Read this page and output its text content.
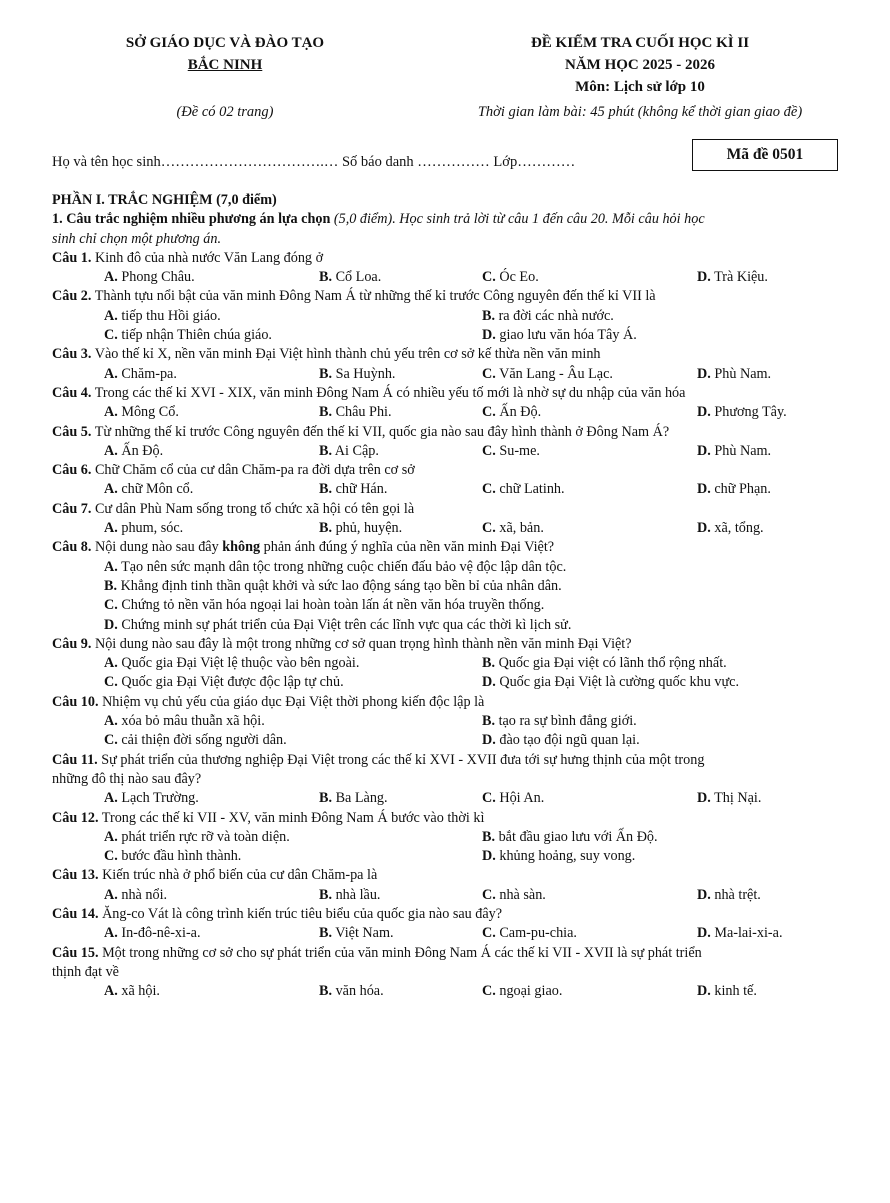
SỞ GIÁO DỤC VÀ ĐÀO TẠO
BẮC NINH
(Đề có 02 trang)
ĐỀ KIỂM TRA CUỐI HỌC KÌ II
NĂM HỌC 2025 - 2026
Môn: Lịch sử lớp 10
Thời gian làm bài: 45 phút (không kể thời gian giao đề)
Mã đề 0501
Họ và tên học sinh…………………………….… Số báo danh …………… Lớp…………
PHẦN I. TRẮC NGHIỆM (7,0 điểm)
1. Câu trắc nghiệm nhiều phương án lựa chọn (5,0 điểm). Học sinh trả lời từ câu 1 đến câu 20. Mỗi câu hỏi học
sinh chỉ chọn một phương án.
Câu 1. Kinh đô của nhà nước Văn Lang đóng ở
A. Phong Châu.	B. Cổ Loa.	C. Óc Eo.	D. Trà Kiệu.
Câu 2. Thành tựu nổi bật của văn minh Đông Nam Á từ những thế kỉ trước Công nguyên đến thế kỉ VII là
A. tiếp thu Hồi giáo.	B. ra đời các nhà nước.
C. tiếp nhận Thiên chúa giáo.	D. giao lưu văn hóa Tây Á.
Câu 3. Vào thế kỉ X, nền văn minh Đại Việt hình thành chủ yếu trên cơ sở kế thừa nền văn minh
A. Chăm-pa.	B. Sa Huỳnh.	C. Văn Lang - Âu Lạc.	D. Phù Nam.
Câu 4. Trong các thế kỉ XVI - XIX, văn minh Đông Nam Á có nhiều yếu tố mới là nhờ sự du nhập của văn hóa
A. Mông Cổ.	B. Châu Phi.	C. Ấn Độ.	D. Phương Tây.
Câu 5. Từ những thế kỉ trước Công nguyên đến thế kỉ VII, quốc gia nào sau đây hình thành ở Đông Nam Á?
A. Ấn Độ.	B. Ai Cập.	C. Su-me.	D. Phù Nam.
Câu 6. Chữ Chăm cổ của cư dân Chăm-pa ra đời dựa trên cơ sở
A. chữ Môn cổ.	B. chữ Hán.	C. chữ Latinh.	D. chữ Phạn.
Câu 7. Cư dân Phù Nam sống trong tổ chức xã hội có tên gọi là
A. phum, sóc.	B. phủ, huyện.	C. xã, bản.	D. xã, tổng.
Câu 8. Nội dung nào sau đây không phản ánh đúng ý nghĩa của nền văn minh Đại Việt?
A. Tạo nên sức mạnh dân tộc trong những cuộc chiến đấu bảo vệ độc lập dân tộc.
B. Khẳng định tinh thần quật khởi và sức lao động sáng tạo bền bỉ của nhân dân.
C. Chứng tỏ nền văn hóa ngoại lai hoàn toàn lấn át nền văn hóa truyền thống.
D. Chứng minh sự phát triển của Đại Việt trên các lĩnh vực qua các thời kì lịch sử.
Câu 9. Nội dung nào sau đây là một trong những cơ sở quan trọng hình thành nền văn minh Đại Việt?
A. Quốc gia Đại Việt lệ thuộc vào bên ngoài.	B. Quốc gia Đại việt có lãnh thổ rộng nhất.
C. Quốc gia Đại Việt được độc lập tự chủ.	D. Quốc gia Đại Việt là cường quốc khu vực.
Câu 10. Nhiệm vụ chủ yếu của giáo dục Đại Việt thời phong kiến độc lập là
A. xóa bỏ mâu thuẫn xã hội.	B. tạo ra sự bình đẳng giới.
C. cải thiện đời sống người dân.	D. đào tạo đội ngũ quan lại.
Câu 11. Sự phát triển của thương nghiệp Đại Việt trong các thế kỉ XVI - XVII đưa tới sự hưng thịnh của một trong
những đô thị nào sau đây?
A. Lạch Trường.	B. Ba Làng.	C. Hội An.	D. Thị Nại.
Câu 12. Trong các thế kỉ VII - XV, văn minh Đông Nam Á bước vào thời kì
A. phát triển rực rỡ và toàn diện.	B. bắt đầu giao lưu với Ấn Độ.
C. bước đầu hình thành.	D. khủng hoảng, suy vong.
Câu 13. Kiến trúc nhà ở phổ biến của cư dân Chăm-pa là
A. nhà nổi.	B. nhà lầu.	C. nhà sàn.	D. nhà trệt.
Câu 14. Ăng-co Vát là công trình kiến trúc tiêu biểu của quốc gia nào sau đây?
A. In-đô-nê-xi-a.	B. Việt Nam.	C. Cam-pu-chia.	D. Ma-lai-xi-a.
Câu 15. Một trong những cơ sở cho sự phát triển của văn minh Đông Nam Á các thế kỉ VII - XVII là sự phát triển
thịnh đạt về
A. xã hội.	B. văn hóa.	C. ngoại giao.	D. kinh tế.
